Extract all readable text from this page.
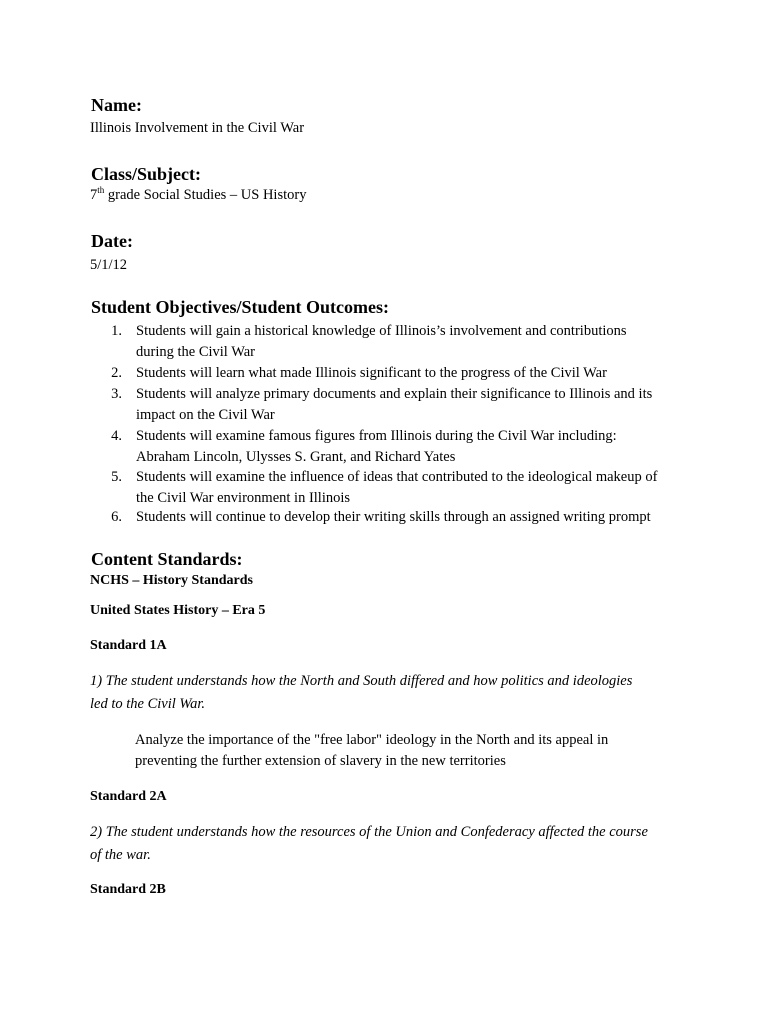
Name:
Illinois Involvement in the Civil War
Class/Subject:
7th grade Social Studies – US History
Date:
5/1/12
Student Objectives/Student Outcomes:
1. Students will gain a historical knowledge of Illinois’s involvement and contributions
during the Civil War
2. Students will learn what made Illinois significant to the progress of the Civil War
3. Students will analyze primary documents and explain their significance to Illinois and its
impact on the Civil War
4. Students will examine famous figures from Illinois during the Civil War including:
Abraham Lincoln, Ulysses S. Grant, and Richard Yates
5. Students will examine the influence of ideas that contributed to the ideological makeup of
the Civil War environment in Illinois
6. Students will continue to develop their writing skills through an assigned writing prompt
Content Standards:
NCHS – History Standards
United States History – Era 5
Standard 1A
1) The student understands how the North and South differed and how politics and ideologies
led to the Civil War.
Analyze the importance of the "free labor" ideology in the North and its appeal in
preventing the further extension of slavery in the new territories
Standard 2A
2) The student understands how the resources of the Union and Confederacy affected the course
of the war.
Standard 2B
